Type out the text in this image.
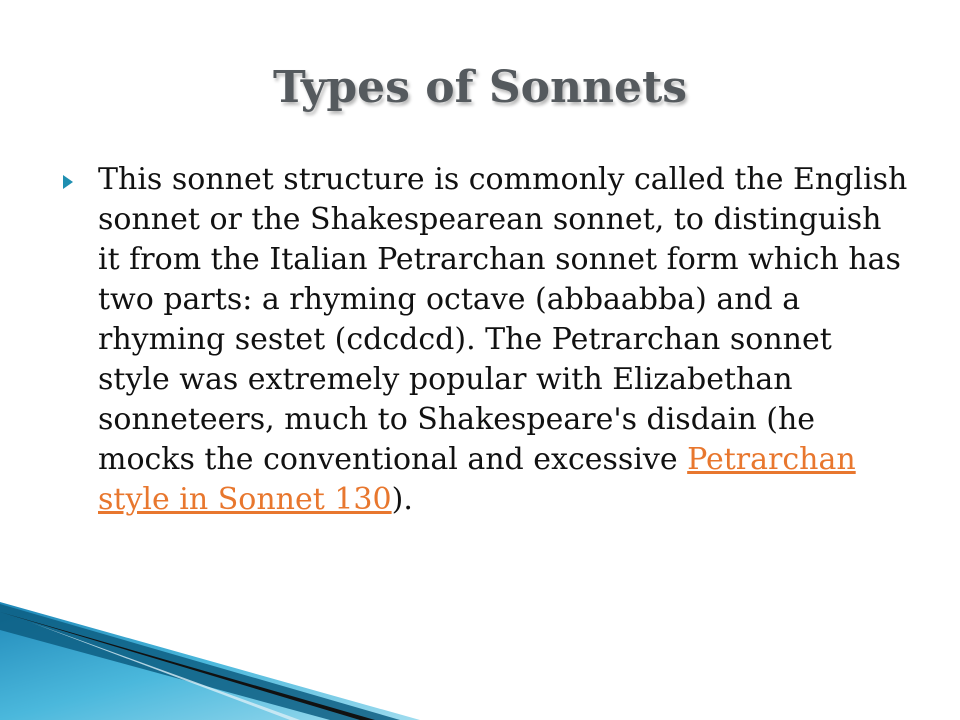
Types of Sonnets

This sonnet structure is commonly called the English sonnet or the Shakespearean sonnet, to distinguish it from the Italian Petrarchan sonnet form which has two parts: a rhyming octave (abbaabba) and a rhyming sestet (cdcdcd). The Petrarchan sonnet style was extremely popular with Elizabethan sonneteers, much to Shakespeare's disdain (he mocks the conventional and excessive Petrarchan style in Sonnet 130).
